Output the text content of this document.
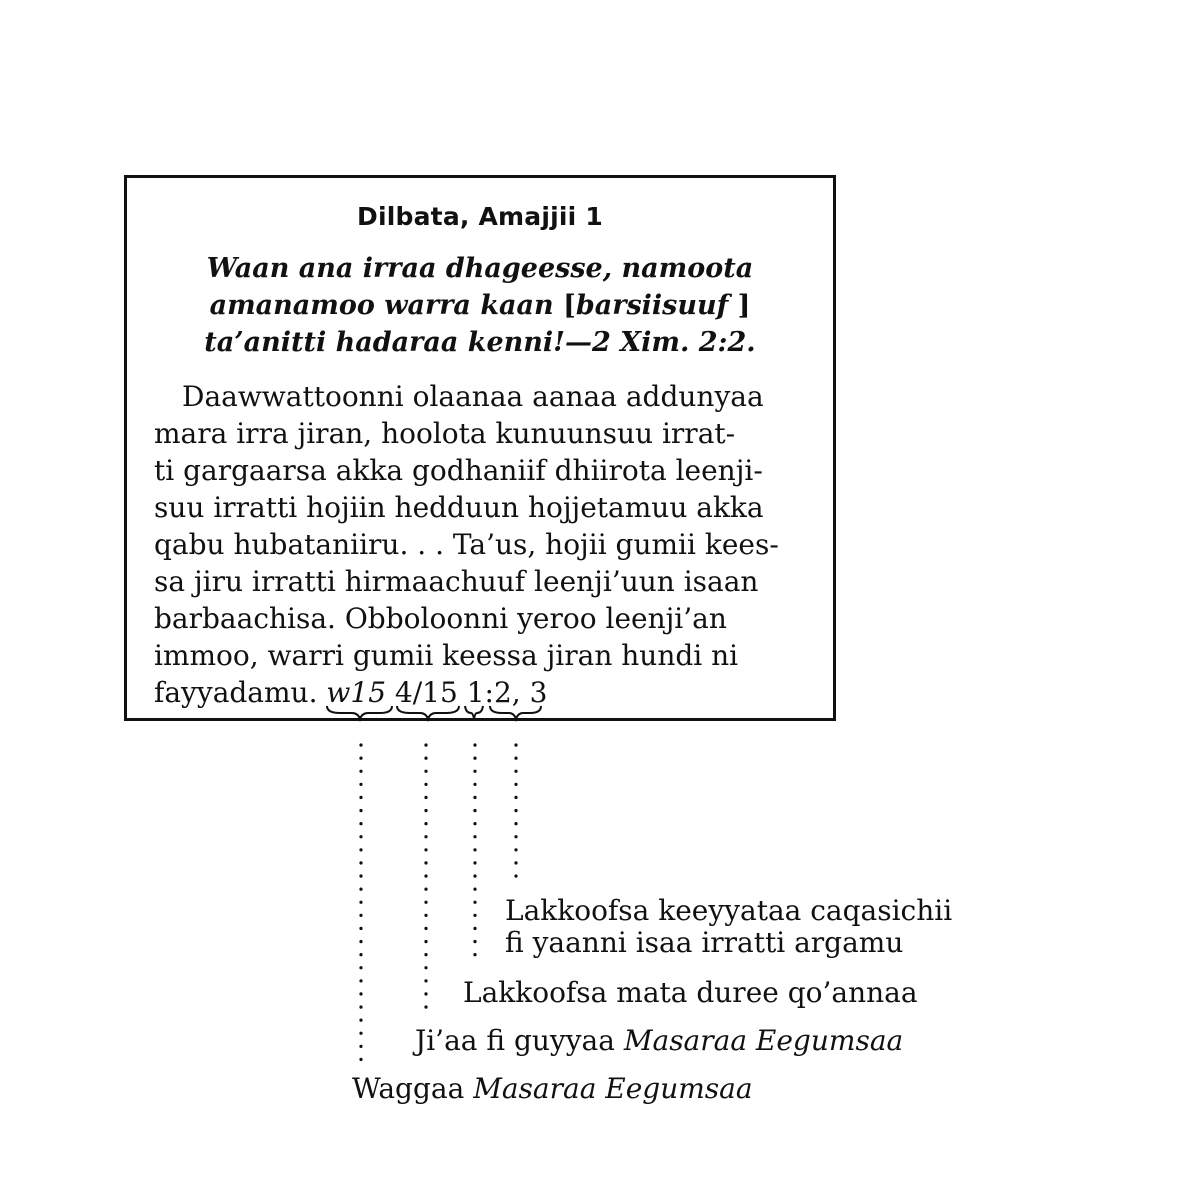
Dilbata, Amajjii 1
Waan ana irraa dhageesse, namoota
amanamoo warra kaan [barsiisuuf ]
ta’anitti hadaraa kenni!—2 Xim. 2:2.
Daawwattoonni olaanaa aanaa addunyaa
mara irra jiran, hoolota kunuunsuu irrat-
ti gargaarsa akka godhaniif dhiirota leenji-
suu irratti hojiin hedduun hojjetamuu akka
qabu hubataniiru. . . Ta’us, hojii gumii kees-
sa jiru irratti hirmaachuuf leenji’uun isaan
barbaachisa. Obboloonni yeroo leenji’an
immoo, warri gumii keessa jiran hundi ni
fayyadamu. w15 4/15 1:2, 3
Lakkoofsa keeyyataa caqasichii
fi yaanni isaa irratti argamu
Lakkoofsa mata duree qo’annaa
Ji’aa fi guyyaa Masaraa Eegumsaa
Waggaa Masaraa Eegumsaa
